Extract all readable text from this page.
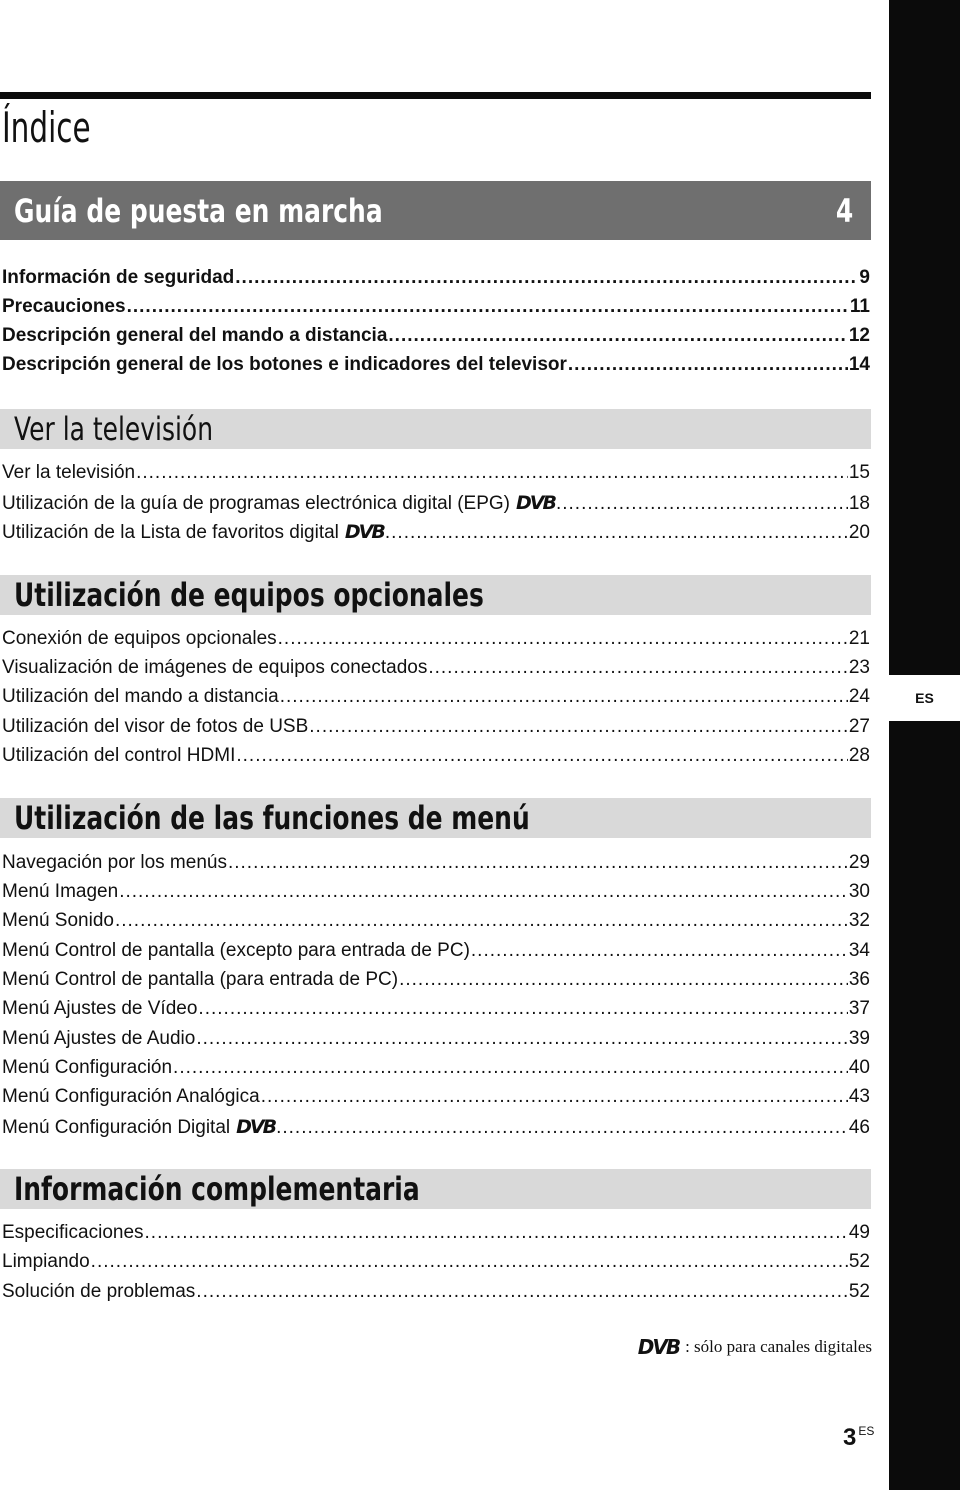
ES
Índice
Guía de puesta en marcha	4
Información de seguridad .....	9
Precauciones .....	11
Descripción general del mando a distancia .....	12
Descripción general de los botones e indicadores del televisor .....	14
Ver la televisión
Ver la televisión .....	15
Utilización de la guía de programas electrónica digital (EPG) DVB .....	18
Utilización de la Lista de favoritos digital DVB .....	20
Utilización de equipos opcionales
Conexión de equipos opcionales .....	21
Visualización de imágenes de equipos conectados .....	23
Utilización del mando a distancia .....	24
Utilización del visor de fotos de USB .....	27
Utilización del control HDMI .....	28
Utilización de las funciones de menú
Navegación por los menús .....	29
Menú Imagen .....	30
Menú Sonido .....	32
Menú Control de pantalla (excepto para entrada de PC) .....	34
Menú Control de pantalla (para entrada de PC) .....	36
Menú Ajustes de Vídeo .....	37
Menú Ajustes de Audio .....	39
Menú Configuración .....	40
Menú Configuración Analógica .....	43
Menú Configuración Digital DVB .....	46
Información complementaria
Especificaciones .....	49
Limpiando .....	52
Solución de problemas .....	52
DVB : sólo para canales digitales
3 $^{ES}$
